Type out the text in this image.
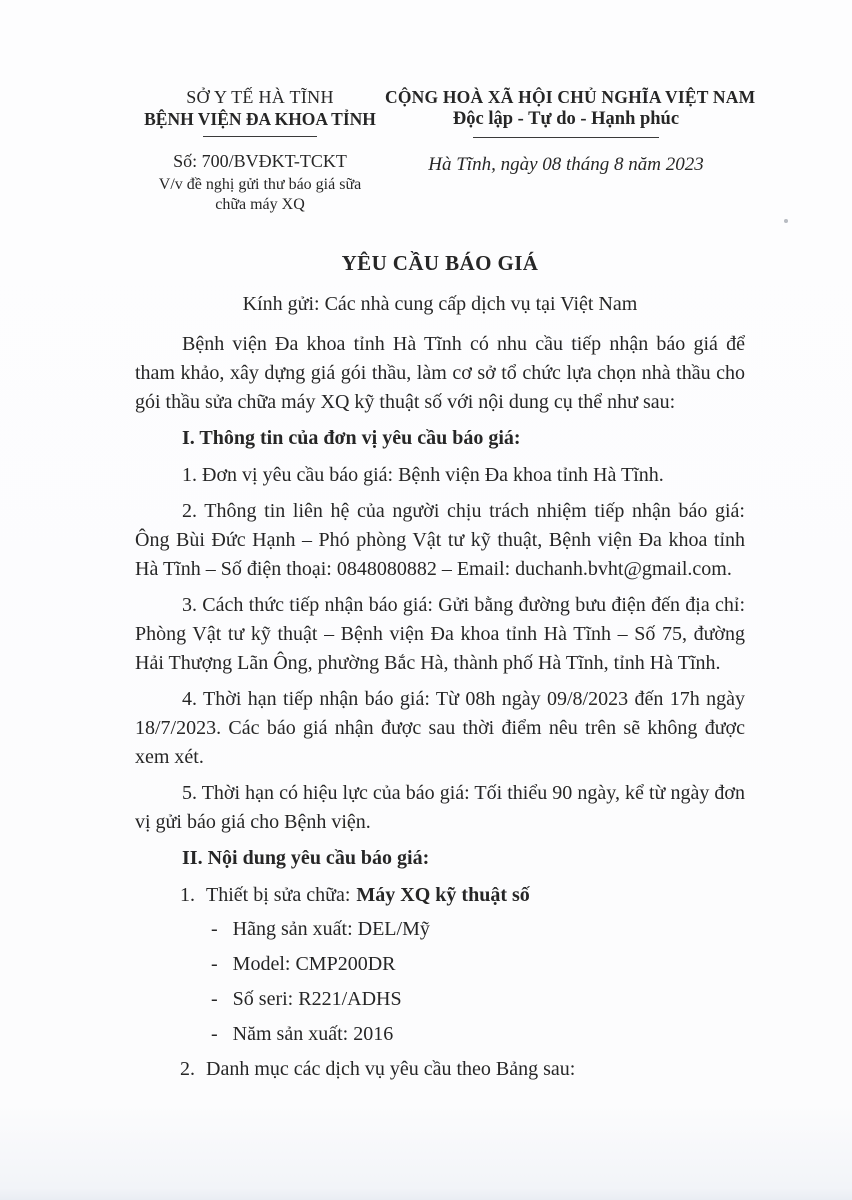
SỞ Y TẾ HÀ TĨNH
BỆNH VIỆN ĐA KHOA TỈNH
Số: 700/BVĐKT-TCKT
V/v đề nghị gửi thư báo giá sữa
chữa máy XQ
CỘNG HOÀ XÃ HỘI CHỦ NGHĨA VIỆT NAM
Độc lập - Tự do - Hạnh phúc
Hà Tĩnh, ngày 08 tháng 8 năm 2023
YÊU CẦU BÁO GIÁ
Kính gửi: Các nhà cung cấp dịch vụ tại Việt Nam

Bệnh viện Đa khoa tỉnh Hà Tĩnh có nhu cầu tiếp nhận báo giá để tham khảo, xây dựng giá gói thầu, làm cơ sở tổ chức lựa chọn nhà thầu cho gói thầu sửa chữa máy XQ kỹ thuật số với nội dung cụ thể như sau:

I. Thông tin của đơn vị yêu cầu báo giá:

1. Đơn vị yêu cầu báo giá: Bệnh viện Đa khoa tỉnh Hà Tĩnh.

2. Thông tin liên hệ của người chịu trách nhiệm tiếp nhận báo giá: Ông Bùi Đức Hạnh – Phó phòng Vật tư kỹ thuật, Bệnh viện Đa khoa tỉnh Hà Tĩnh – Số điện thoại: 0848080882 – Email: duchanh.bvht@gmail.com.

3. Cách thức tiếp nhận báo giá: Gửi bằng đường bưu điện đến địa chỉ: Phòng Vật tư kỹ thuật – Bệnh viện Đa khoa tỉnh Hà Tĩnh – Số 75, đường Hải Thượng Lãn Ông, phường Bắc Hà, thành phố Hà Tĩnh, tỉnh Hà Tĩnh.

4. Thời hạn tiếp nhận báo giá: Từ 08h ngày 09/8/2023 đến 17h ngày 18/7/2023. Các báo giá nhận được sau thời điểm nêu trên sẽ không được xem xét.

5. Thời hạn có hiệu lực của báo giá: Tối thiểu 90 ngày, kể từ ngày đơn vị gửi báo giá cho Bệnh viện.

II. Nội dung yêu cầu báo giá:
1. Thiết bị sửa chữa: Máy XQ kỹ thuật số
- Hãng sản xuất: DEL/Mỹ
- Model: CMP200DR
- Số seri: R221/ADHS
- Năm sản xuất: 2016
2. Danh mục các dịch vụ yêu cầu theo Bảng sau:
